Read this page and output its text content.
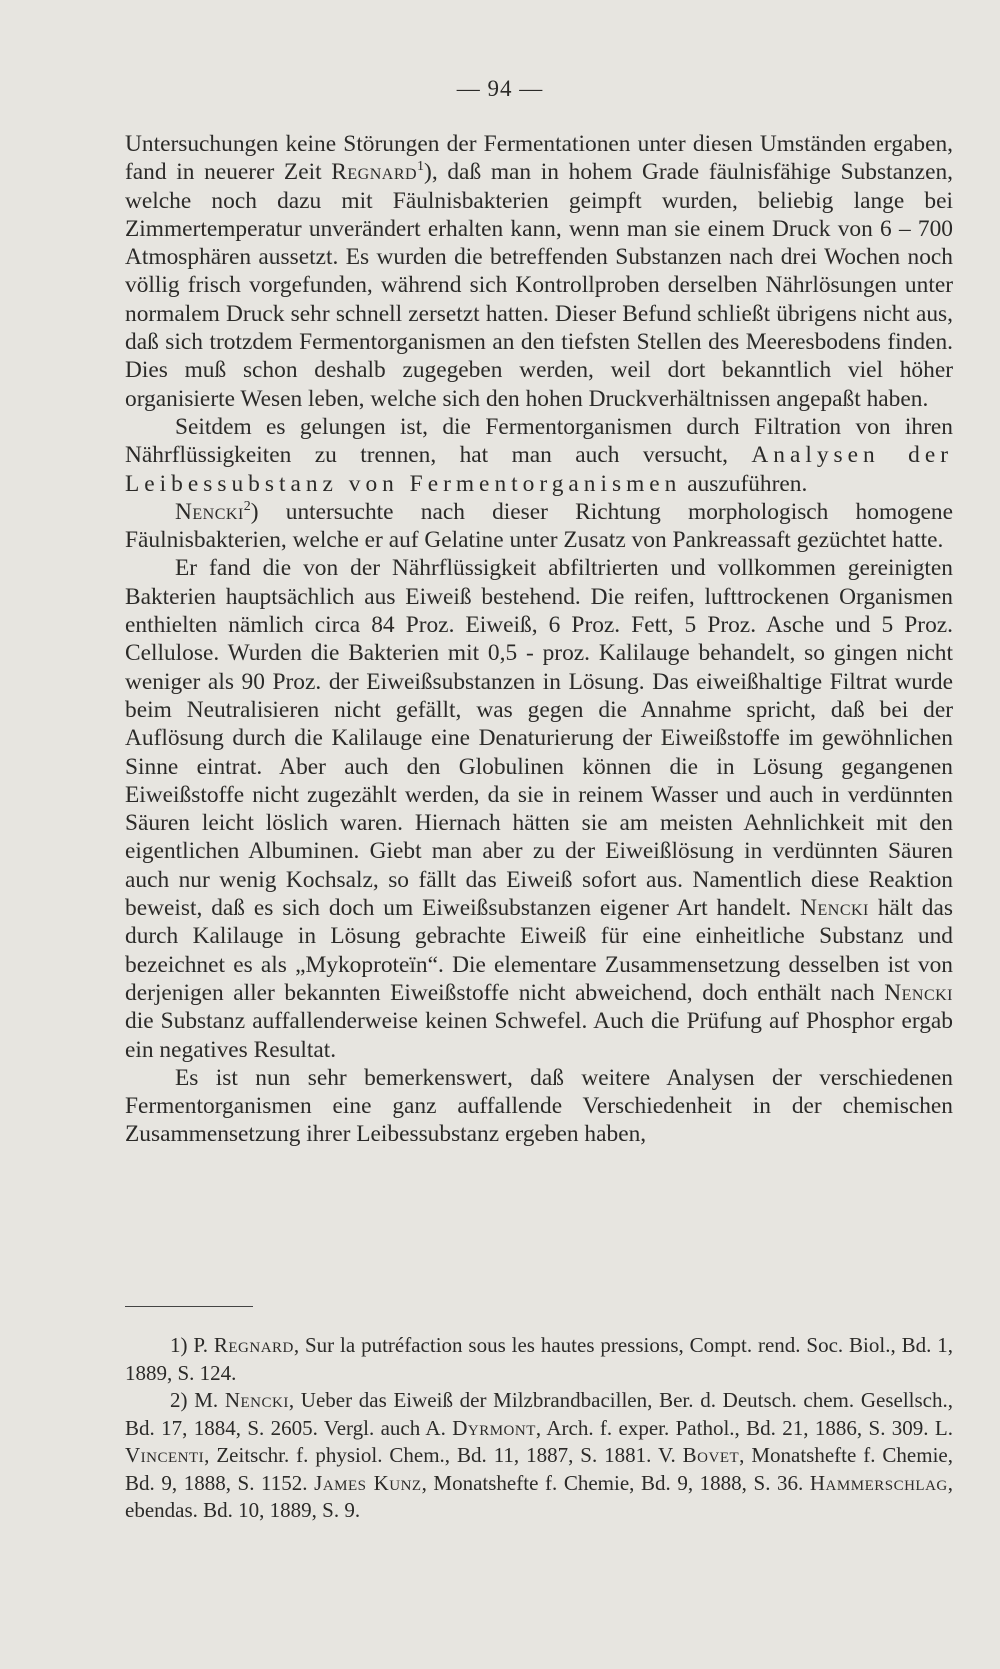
— 94 —

Untersuchungen keine Störungen der Fermentationen unter diesen Umständen ergaben, fand in neuerer Zeit Regnard$^1$), daß man in hohem Grade fäulnisfähige Substanzen, welche noch dazu mit Fäulnisbakterien geimpft wurden, beliebig lange bei Zimmertemperatur unverändert erhalten kann, wenn man sie einem Druck von 6 – 700 Atmosphären aussetzt. Es wurden die betreffenden Substanzen nach drei Wochen noch völlig frisch vorgefunden, während sich Kontrollproben derselben Nährlösungen unter normalem Druck sehr schnell zersetzt hatten. Dieser Befund schließt übrigens nicht aus, daß sich trotzdem Fermentorganismen an den tiefsten Stellen des Meeresbodens finden. Dies muß schon deshalb zugegeben werden, weil dort bekanntlich viel höher organisierte Wesen leben, welche sich den hohen Druckverhältnissen angepaßt haben.

Seitdem es gelungen ist, die Fermentorganismen durch Filtration von ihren Nährflüssigkeiten zu trennen, hat man auch versucht, Analysen der Leibessubstanz von Fermentorganismen auszuführen.

Nencki$^2$) untersuchte nach dieser Richtung morphologisch homogene Fäulnisbakterien, welche er auf Gelatine unter Zusatz von Pankreassaft gezüchtet hatte.

Er fand die von der Nährflüssigkeit abfiltrierten und vollkommen gereinigten Bakterien hauptsächlich aus Eiweiß bestehend. Die reifen, lufttrockenen Organismen enthielten nämlich circa 84 Proz. Eiweiß, 6 Proz. Fett, 5 Proz. Asche und 5 Proz. Cellulose. Wurden die Bakterien mit 0,5 - proz. Kalilauge behandelt, so gingen nicht weniger als 90 Proz. der Eiweißsubstanzen in Lösung. Das eiweißhaltige Filtrat wurde beim Neutralisieren nicht gefällt, was gegen die Annahme spricht, daß bei der Auflösung durch die Kalilauge eine Denaturierung der Eiweißstoffe im gewöhnlichen Sinne eintrat. Aber auch den Globulinen können die in Lösung gegangenen Eiweißstoffe nicht zugezählt werden, da sie in reinem Wasser und auch in verdünnten Säuren leicht löslich waren. Hiernach hätten sie am meisten Aehnlichkeit mit den eigentlichen Albuminen. Giebt man aber zu der Eiweißlösung in verdünnten Säuren auch nur wenig Kochsalz, so fällt das Eiweiß sofort aus. Namentlich diese Reaktion beweist, daß es sich doch um Eiweißsubstanzen eigener Art handelt. Nencki hält das durch Kalilauge in Lösung gebrachte Eiweiß für eine einheitliche Substanz und bezeichnet es als „Mykoproteïn“. Die elementare Zusammensetzung desselben ist von derjenigen aller bekannten Eiweißstoffe nicht abweichend, doch enthält nach Nencki die Substanz auffallenderweise keinen Schwefel. Auch die Prüfung auf Phosphor ergab ein negatives Resultat.

Es ist nun sehr bemerkenswert, daß weitere Analysen der verschiedenen Fermentorganismen eine ganz auffallende Verschiedenheit in der chemischen Zusammensetzung ihrer Leibessubstanz ergeben haben,

1) P. Regnard, Sur la putréfaction sous les hautes pressions, Compt. rend. Soc. Biol., Bd. 1, 1889, S. 124.

2) M. Nencki, Ueber das Eiweiß der Milzbrandbacillen, Ber. d. Deutsch. chem. Gesellsch., Bd. 17, 1884, S. 2605. Vergl. auch A. Dyrmont, Arch. f. exper. Pathol., Bd. 21, 1886, S. 309. L. Vincenti, Zeitschr. f. physiol. Chem., Bd. 11, 1887, S. 1881. V. Bovet, Monatshefte f. Chemie, Bd. 9, 1888, S. 1152. James Kunz, Monatshefte f. Chemie, Bd. 9, 1888, S. 36. Hammerschlag, ebendas. Bd. 10, 1889, S. 9.
